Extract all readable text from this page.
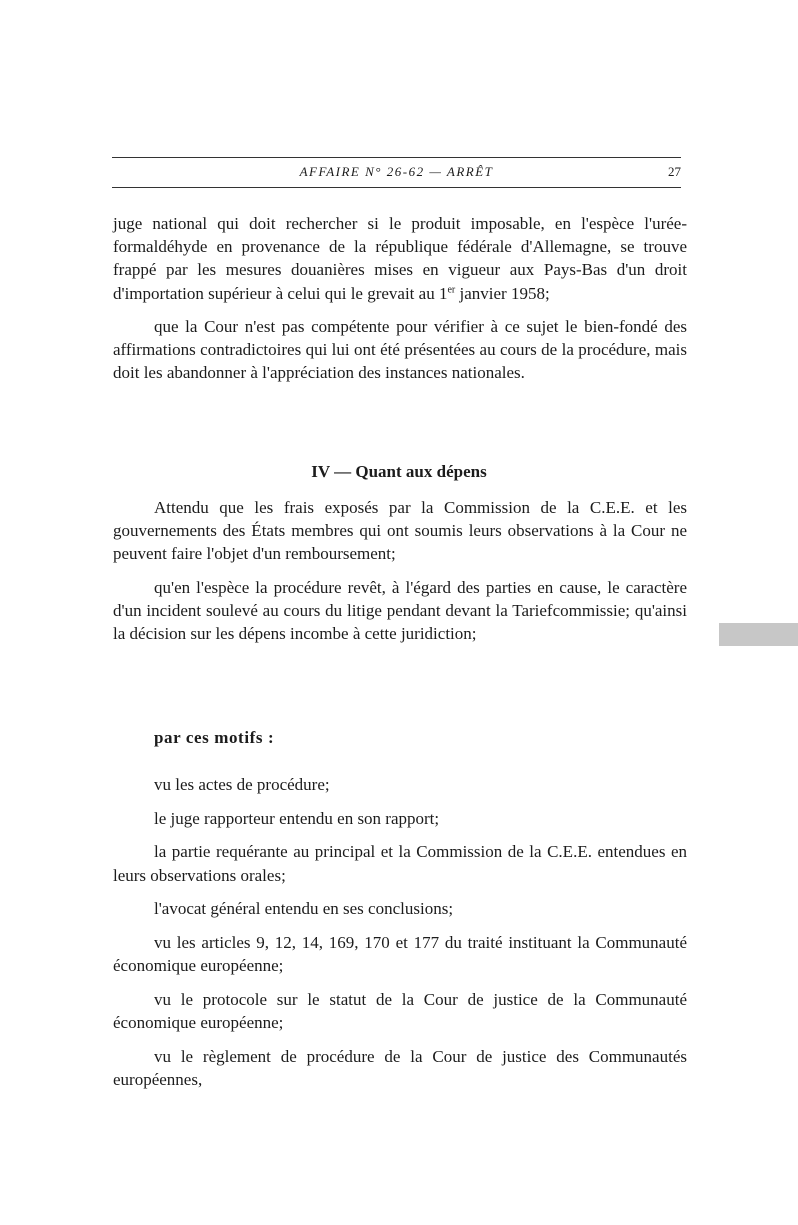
AFFAIRE N° 26-62 — ARRÊT	27

juge national qui doit rechercher si le produit imposable, en l'espèce l'urée-formaldéhyde en provenance de la république fédérale d'Allemagne, se trouve frappé par les mesures douanières mises en vigueur aux Pays-Bas d'un droit d'importation supérieur à celui qui le grevait au 1er janvier 1958;

que la Cour n'est pas compétente pour vérifier à ce sujet le bien-fondé des affirmations contradictoires qui lui ont été présentées au cours de la procédure, mais doit les abandonner à l'appréciation des instances nationales.

IV — Quant aux dépens

Attendu que les frais exposés par la Commission de la C.E.E. et les gouvernements des États membres qui ont soumis leurs observations à la Cour ne peuvent faire l'objet d'un remboursement;

qu'en l'espèce la procédure revêt, à l'égard des parties en cause, le caractère d'un incident soulevé au cours du litige pendant devant la Tariefcommissie; qu'ainsi la décision sur les dépens incombe à cette juridiction;

par ces motifs :

vu les actes de procédure;

le juge rapporteur entendu en son rapport;

la partie requérante au principal et la Commission de la C.E.E. entendues en leurs observations orales;

l'avocat général entendu en ses conclusions;

vu les articles 9, 12, 14, 169, 170 et 177 du traité instituant la Communauté économique européenne;

vu le protocole sur le statut de la Cour de justice de la Communauté économique européenne;

vu le règlement de procédure de la Cour de justice des Communautés européennes,
